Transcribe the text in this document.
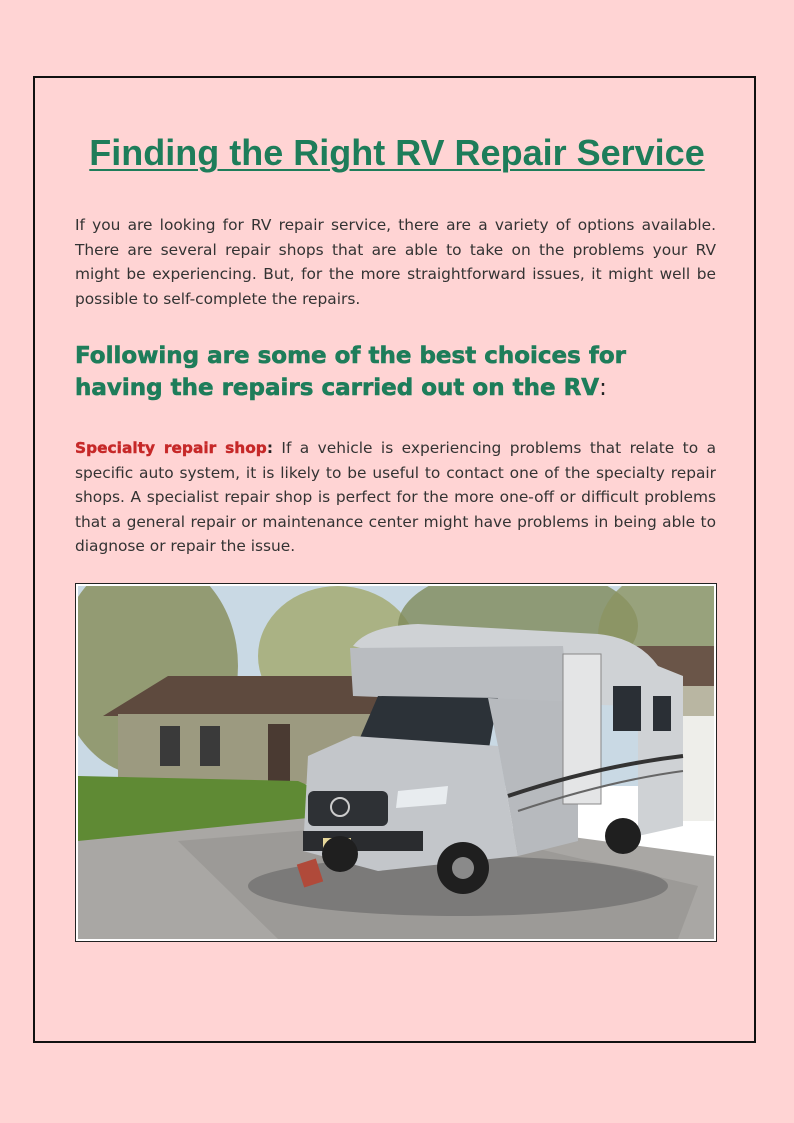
Finding the Right RV Repair Service

If you are looking for RV repair service, there are a variety of options available. There are several repair shops that are able to take on the problems your RV might be experiencing. But, for the more straightforward issues, it might well be possible to self-complete the repairs.

Following are some of the best choices for having the repairs carried out on the RV:

Specialty repair shop: If a vehicle is experiencing problems that relate to a specific auto system, it is likely to be useful to contact one of the specialty repair shops. A specialist repair shop is perfect for the more one-off or difficult problems that a general repair or maintenance center might have problems in being able to diagnose or repair the issue.
